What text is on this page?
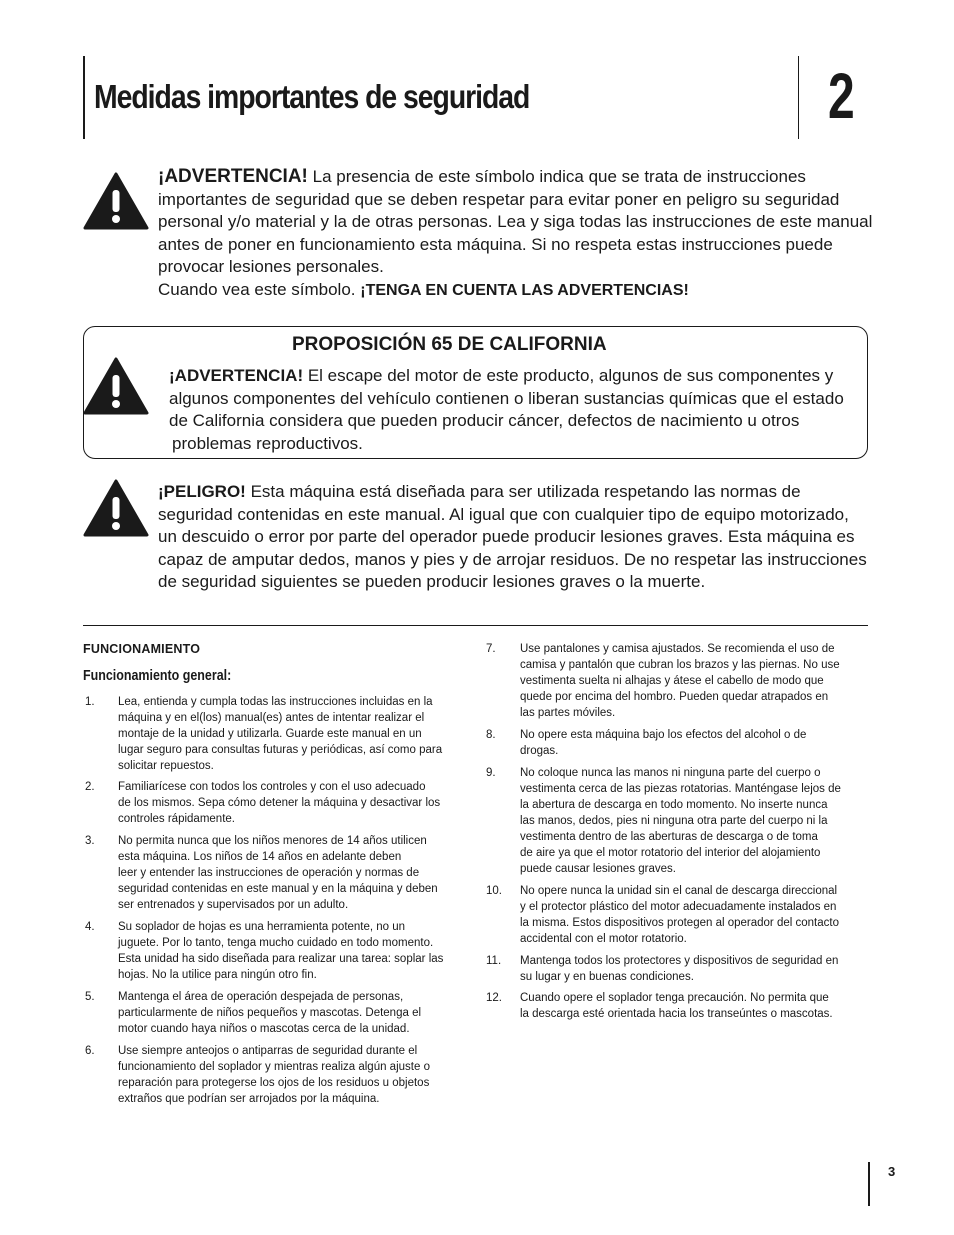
Medidas importantes de seguridad	2
¡ADVERTENCIA! La presencia de este símbolo indica que se trata de instrucciones
importantes de seguridad que se deben respetar para evitar poner en peligro su seguridad
personal y/o material y la de otras personas. Lea y siga todas las instrucciones de este manual
antes de poner en funcionamiento esta máquina. Si no respeta estas instrucciones puede
provocar lesiones personales.
Cuando vea este símbolo. ¡TENGA EN CUENTA LAS ADVERTENCIAS!
PROPOSICIÓN 65 DE CALIFORNIA
¡ADVERTENCIA! El escape del motor de este producto, algunos de sus componentes y
algunos componentes del vehículo contienen o liberan sustancias químicas que el estado
de California considera que pueden producir cáncer, defectos de nacimiento u otros
problemas reproductivos.
¡PELIGRO! Esta máquina está diseñada para ser utilizada respetando las normas de
seguridad contenidas en este manual. Al igual que con cualquier tipo de equipo motorizado,
un descuido o error por parte del operador puede producir lesiones graves. Esta máquina es
capaz de amputar dedos, manos y pies y de arrojar residuos. De no respetar las instrucciones
de seguridad siguientes se pueden producir lesiones graves o la muerte.
FUNCIONAMIENTO
Funcionamiento general:
1. Lea, entienda y cumpla todas las instrucciones incluidas en la
máquina y en el(los) manual(es) antes de intentar realizar el
montaje de la unidad y utilizarla. Guarde este manual en un
lugar seguro para consultas futuras y periódicas, así como para
solicitar repuestos.
2. Familiarícese con todos los controles y con el uso adecuado
de los mismos. Sepa cómo detener la máquina y desactivar los
controles rápidamente.
3. No permita nunca que los niños menores de 14 años utilicen
esta máquina. Los niños de 14 años en adelante deben
leer y entender las instrucciones de operación y normas de
seguridad contenidas en este manual y en la máquina y deben
ser entrenados y supervisados por un adulto.
4. Su soplador de hojas es una herramienta potente, no un
juguete. Por lo tanto, tenga mucho cuidado en todo momento.
Esta unidad ha sido diseñada para realizar una tarea: soplar las
hojas. No la utilice para ningún otro fin.
5. Mantenga el área de operación despejada de personas,
particularmente de niños pequeños y mascotas. Detenga el
motor cuando haya niños o mascotas cerca de la unidad.
6. Use siempre anteojos o antiparras de seguridad durante el
funcionamiento del soplador y mientras realiza algún ajuste o
reparación para protegerse los ojos de los residuos u objetos
extraños que podrían ser arrojados por la máquina.
7. Use pantalones y camisa ajustados. Se recomienda el uso de
camisa y pantalón que cubran los brazos y las piernas. No use
vestimenta suelta ni alhajas y átese el cabello de modo que
quede por encima del hombro. Pueden quedar atrapados en
las partes móviles.
8. No opere esta máquina bajo los efectos del alcohol o de
drogas.
9. No coloque nunca las manos ni ninguna parte del cuerpo o
vestimenta cerca de las piezas rotatorias. Manténgase lejos de
la abertura de descarga en todo momento. No inserte nunca
las manos, dedos, pies ni ninguna otra parte del cuerpo ni la
vestimenta dentro de las aberturas de descarga o de toma
de aire ya que el motor rotatorio del interior del alojamiento
puede causar lesiones graves.
10. No opere nunca la unidad sin el canal de descarga direccional
y el protector plástico del motor adecuadamente instalados en
la misma. Estos dispositivos protegen al operador del contacto
accidental con el motor rotatorio.
11. Mantenga todos los protectores y dispositivos de seguridad en
su lugar y en buenas condiciones.
12. Cuando opere el soplador tenga precaución. No permita que
la descarga esté orientada hacia los transeúntes o mascotas.
3
